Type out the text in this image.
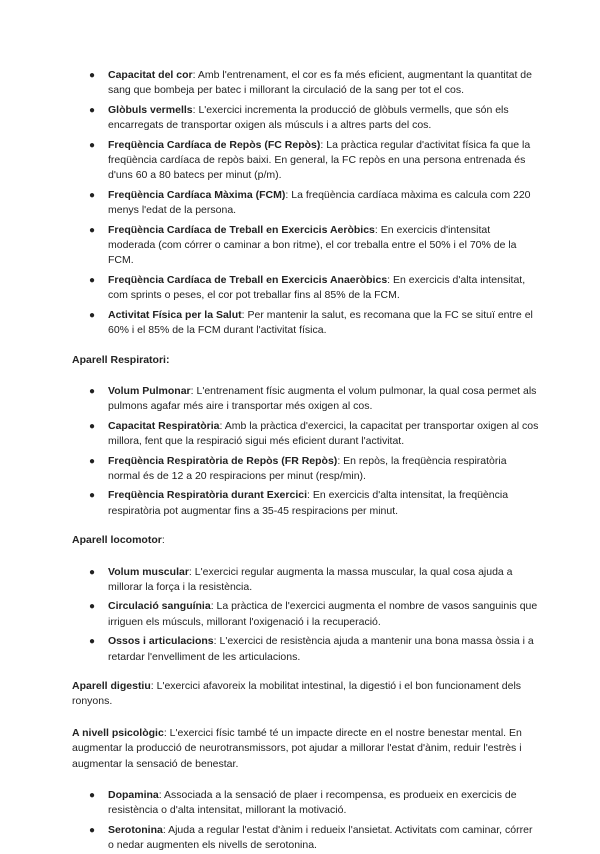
● Capacitat del cor: Amb l'entrenament, el cor es fa més eficient, augmentant la quantitat de sang que bombeja per batec i millorant la circulació de la sang per tot el cos.
● Glòbuls vermells: L'exercici incrementa la producció de glòbuls vermells, que són els encarregats de transportar oxigen als músculs i a altres parts del cos.
● Freqüència Cardíaca de Repòs (FC Repòs): La pràctica regular d'activitat física fa que la freqüència cardíaca de repòs baixi. En general, la FC repòs en una persona entrenada és d'uns 60 a 80 batecs per minut (p/m).
● Freqüència Cardíaca Màxima (FCM): La freqüència cardíaca màxima es calcula com 220 menys l'edat de la persona.
● Freqüència Cardíaca de Treball en Exercicis Aeròbics: En exercicis d'intensitat moderada (com córrer o caminar a bon ritme), el cor treballa entre el 50% i el 70% de la FCM.
● Freqüència Cardíaca de Treball en Exercicis Anaeròbics: En exercicis d'alta intensitat, com sprints o peses, el cor pot treballar fins al 85% de la FCM.
● Activitat Física per la Salut: Per mantenir la salut, es recomana que la FC se situï entre el 60% i el 85% de la FCM durant l'activitat física.
Aparell Respiratori:
● Volum Pulmonar: L'entrenament físic augmenta el volum pulmonar, la qual cosa permet als pulmons agafar més aire i transportar més oxigen al cos.
● Capacitat Respiratòria: Amb la pràctica d'exercici, la capacitat per transportar oxigen al cos millora, fent que la respiració sigui més eficient durant l'activitat.
● Freqüència Respiratòria de Repòs (FR Repòs): En repòs, la freqüència respiratòria normal és de 12 a 20 respiracions per minut (resp/min).
● Freqüència Respiratòria durant Exercici: En exercicis d'alta intensitat, la freqüència respiratòria pot augmentar fins a 35-45 respiracions per minut.
Aparell locomotor:
● Volum muscular: L'exercici regular augmenta la massa muscular, la qual cosa ajuda a millorar la força i la resistència.
● Circulació sanguínia: La pràctica de l'exercici augmenta el nombre de vasos sanguinis que irriguen els músculs, millorant l'oxigenació i la recuperació.
● Ossos i articulacions: L'exercici de resistència ajuda a mantenir una bona massa òssia i a retardar l'envelliment de les articulacions.
Aparell digestiu: L'exercici afavoreix la mobilitat intestinal, la digestió i el bon funcionament dels ronyons.
A nivell psicològic: L'exercici físic també té un impacte directe en el nostre benestar mental. En augmentar la producció de neurotransmissors, pot ajudar a millorar l'estat d'ànim, reduir l'estrès i augmentar la sensació de benestar.
● Dopamina: Associada a la sensació de plaer i recompensa, es produeix en exercicis de resistència o d'alta intensitat, millorant la motivació.
● Serotonina: Ajuda a regular l'estat d'ànim i redueix l'ansietat. Activitats com caminar, córrer o nedar augmenten els nivells de serotonina.
